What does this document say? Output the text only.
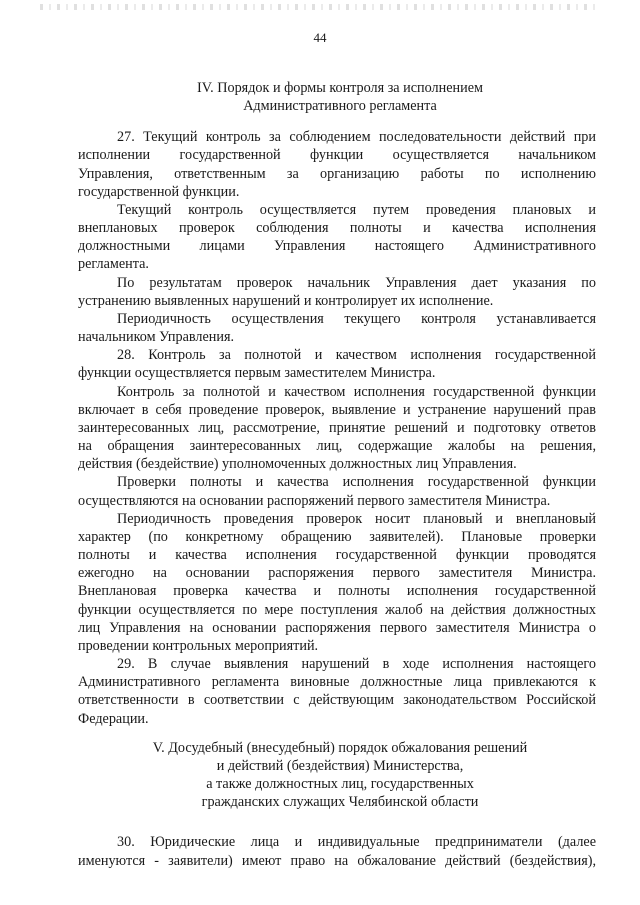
44
IV. Порядок и формы контроля за исполнением
Административного регламента
27. Текущий контроль за соблюдением последовательности действий при
исполнении государственной функции осуществляется начальником
Управления, ответственным за организацию работы по исполнению
государственной функции.
Текущий контроль осуществляется путем проведения плановых и
внеплановых проверок соблюдения полноты и качества исполнения
должностными лицами Управления настоящего Административного
регламента.
По результатам проверок начальник Управления дает указания по
устранению выявленных нарушений и контролирует их исполнение.
Периодичность осуществления текущего контроля устанавливается
начальником Управления.
28. Контроль за полнотой и качеством исполнения государственной
функции осуществляется первым заместителем Министра.
Контроль за полнотой и качеством исполнения государственной функции
включает в себя проведение проверок, выявление и устранение нарушений прав
заинтересованных лиц, рассмотрение, принятие решений и подготовку ответов
на обращения заинтересованных лиц, содержащие жалобы на решения,
действия (бездействие) уполномоченных должностных лиц Управления.
Проверки полноты и качества исполнения государственной функции
осуществляются на основании распоряжений первого заместителя Министра.
Периодичность проведения проверок носит плановый и внеплановый
характер (по конкретному обращению заявителей). Плановые проверки
полноты и качества исполнения государственной функции проводятся
ежегодно на основании распоряжения первого заместителя Министра.
Внеплановая проверка качества и полноты исполнения государственной
функции осуществляется по мере поступления жалоб на действия должностных
лиц Управления на основании распоряжения первого заместителя Министра о
проведении контрольных мероприятий.
29. В случае выявления нарушений в ходе исполнения настоящего
Административного регламента виновные должностные лица привлекаются к
ответственности в соответствии с действующим законодательством Российской
Федерации.
V. Досудебный (внесудебный) порядок обжалования решений
и действий (бездействия) Министерства,
а также должностных лиц, государственных
гражданских служащих Челябинской области
30. Юридические лица и индивидуальные предприниматели (далее
именуются - заявители) имеют право на обжалование действий (бездействия),
